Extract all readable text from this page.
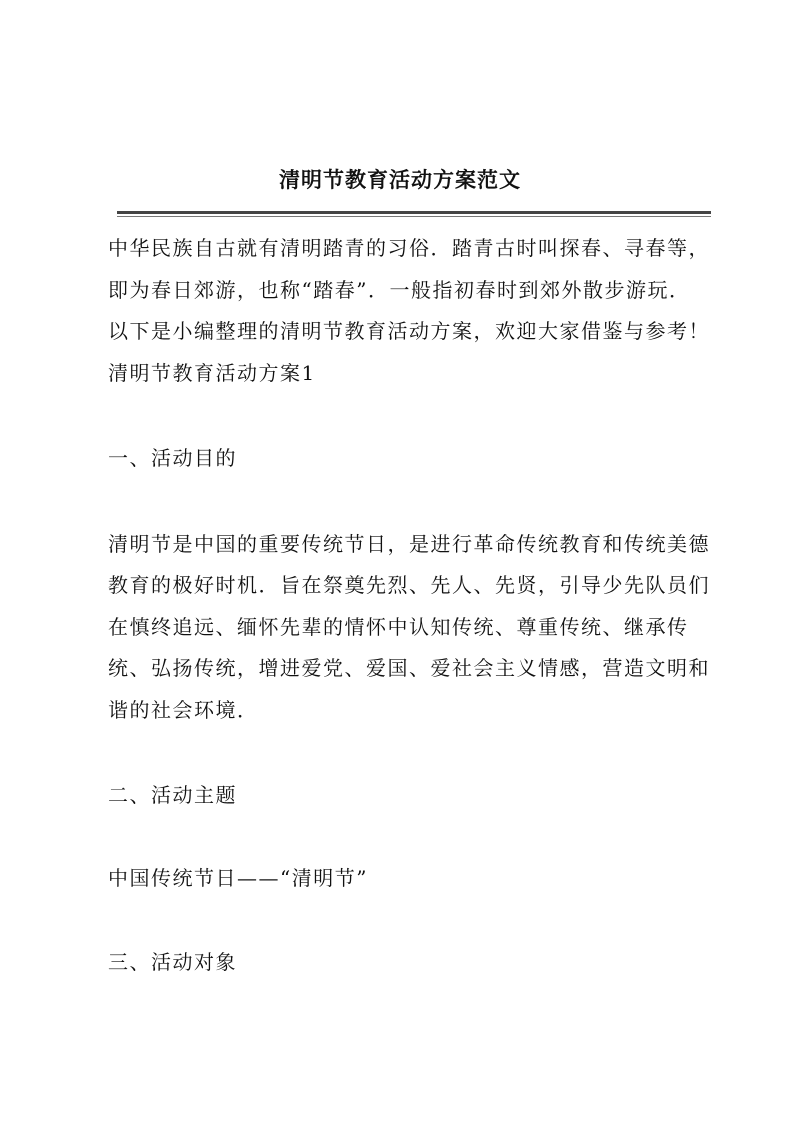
清明节教育活动方案范文

中华民族自古就有清明踏青的习俗．踏青古时叫探春、寻春等，

即为春日郊游，也称“踏春”．一般指初春时到郊外散步游玩．

以下是小编整理的清明节教育活动方案，欢迎大家借鉴与参考！

清明节教育活动方案1

一、活动目的

清明节是中国的重要传统节日，是进行革命传统教育和传统美德

教育的极好时机．旨在祭奠先烈、先人、先贤，引导少先队员们

在慎终追远、缅怀先辈的情怀中认知传统、尊重传统、继承传

统、弘扬传统，增进爱党、爱国、爱社会主义情感，营造文明和

谐的社会环境．

二、活动主题

中国传统节日——“清明节”

三、活动对象
